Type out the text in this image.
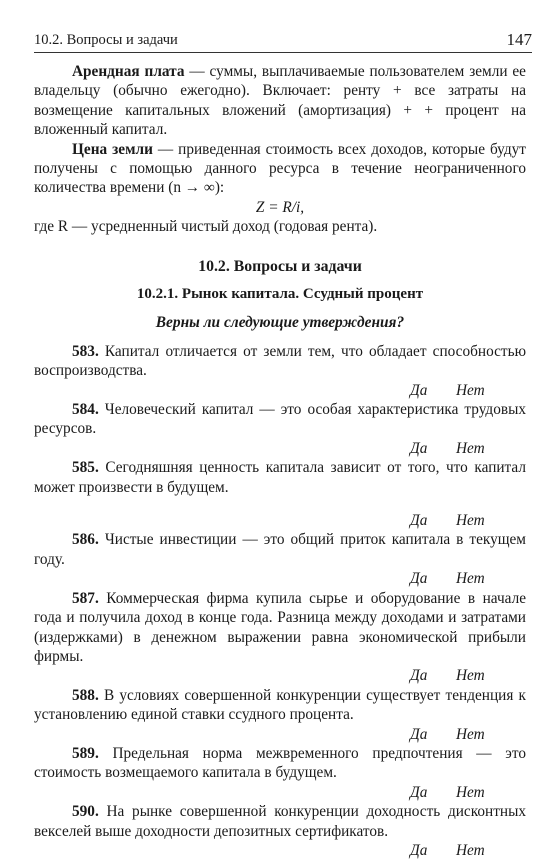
10.2. Вопросы и задачи	147

Арендная плата — суммы, выплачиваемые пользователем земли ее владельцу (обычно ежегодно). Включает: ренту + все затраты на возмещение капитальных вложений (амортизация) + + процент на вложенный капитал.

Цена земли — приведенная стоимость всех доходов, которые будут получены с помощью данного ресурса в течение неограниченного количества времени (n → ∞):

Z = R/i,

где R — усредненный чистый доход (годовая рента).

10.2. Вопросы и задачи

10.2.1. Рынок капитала. Ссудный процент

Верны ли следующие утверждения?

583. Капитал отличается от земли тем, что обладает способностью воспроизводства.

Да Нет

584. Человеческий капитал — это особая характеристика трудовых ресурсов.

Да Нет

585. Сегодняшняя ценность капитала зависит от того, что капитал может произвести в будущем.

Да Нет

586. Чистые инвестиции — это общий приток капитала в текущем году.

Да Нет

587. Коммерческая фирма купила сырье и оборудование в начале года и получила доход в конце года. Разница между доходами и затратами (издержками) в денежном выражении равна экономической прибыли фирмы.

Да Нет

588. В условиях совершенной конкуренции существует тенденция к установлению единой ставки ссудного процента.

Да Нет

589. Предельная норма межвременного предпочтения — это стоимость возмещаемого капитала в будущем.

Да Нет

590. На рынке совершенной конкуренции доходность дисконтных векселей выше доходности депозитных сертификатов.

Да Нет
